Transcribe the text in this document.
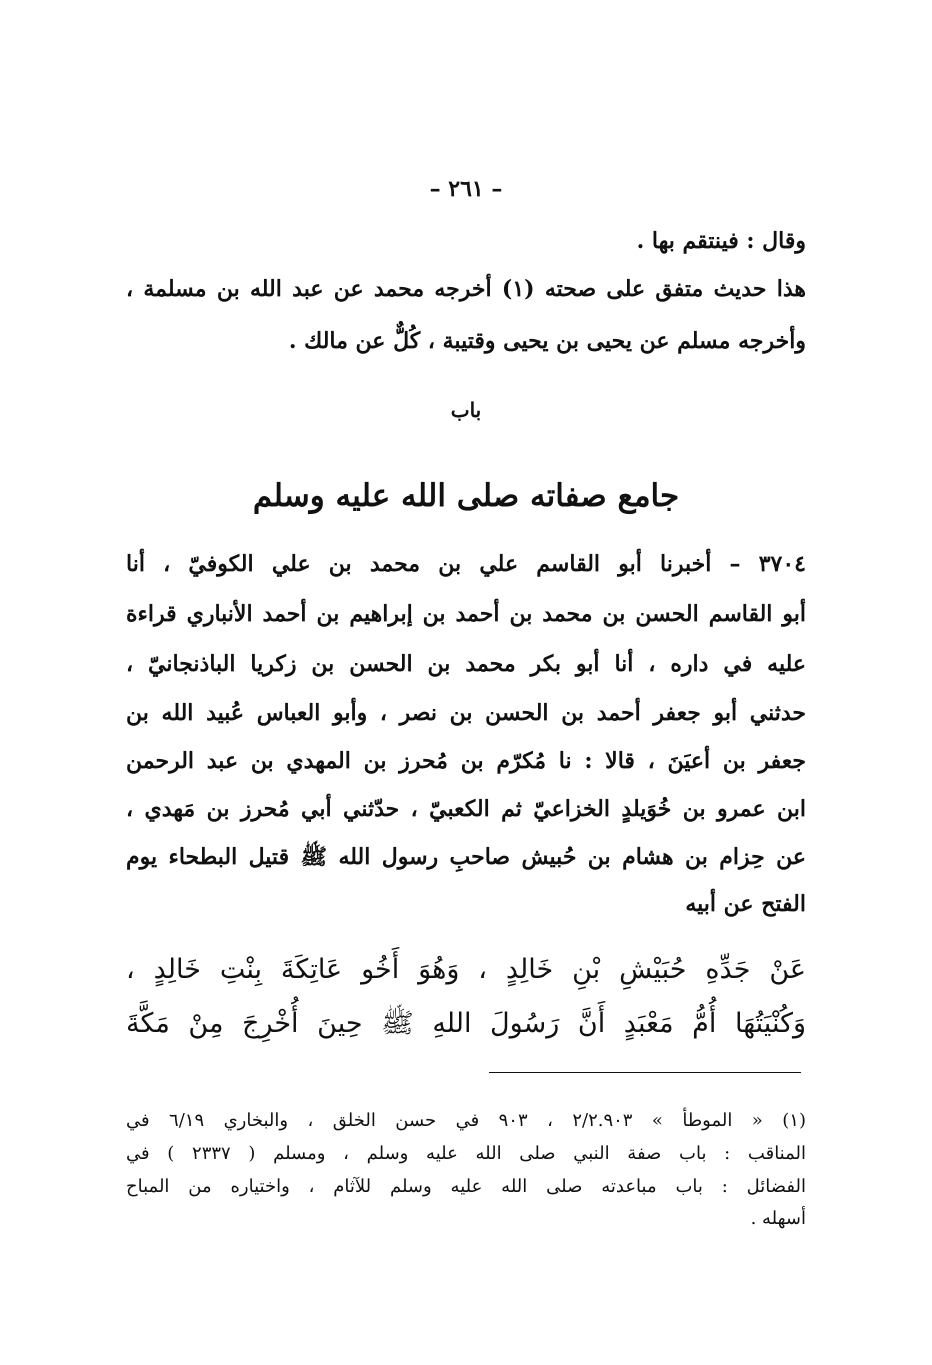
– ٢٦١ –
وقال : فينتقم بها .
هذا حديث متفق على صحته (١) أخرجه محمد عن عبد الله بن مسلمة ،
وأخرجه مسلم عن يحيى بن يحيى وقتيبة ، كُلٌّ عن مالك .
باب
جامع صفاته صلى الله عليه وسلم
٣٧٠٤ – أخبرنا أبو القاسم علي بن محمد بن علي الكوفيّ ، أنا
أبو القاسم الحسن بن محمد بن أحمد بن إبراهيم بن أحمد الأنباري قراءة
عليه في داره ، أنا أبو بكر محمد بن الحسن بن زكريا الباذنجانيّ ،
حدثني أبو جعفر أحمد بن الحسن بن نصر ، وأبو العباس عُبيد الله بن
جعفر بن أعيَنَ ، قالا : نا مُكرّم بن مُحرز بن المهدي بن عبد الرحمن
ابن عمرو بن خُوَيلدٍ الخزاعيّ ثم الكعبيّ ، حدّثني أبي مُحرز بن مَهدي ،
عن حِزام بن هشام بن حُبيش صاحبِ رسول الله ﷺ قتيل البطحاء يوم
الفتح عن أبيه
عَنْ جَدِّهِ حُبَيْشِ بْنِ خَالِدٍ ، وَهُوَ أَخُو عَاتِكَةَ بِنْتِ خَالِدٍ ،
وَكُنْيَتُهَا أُمُّ مَعْبَدٍ أَنَّ رَسُولَ اللهِ ﷺ حِينَ أُخْرِجَ مِنْ مَكَّةَ
(١) « الموطأ » ٢/٢.٩٠٣ ، ٩٠٣ في حسن الخلق ، والبخاري ٦/١٩ في
المناقب : باب صفة النبي صلى الله عليه وسلم ، ومسلم ( ٢٣٣٧ ) في
الفضائل : باب مباعدته صلى الله عليه وسلم للآثام ، واختياره من المباح
أسهله .
